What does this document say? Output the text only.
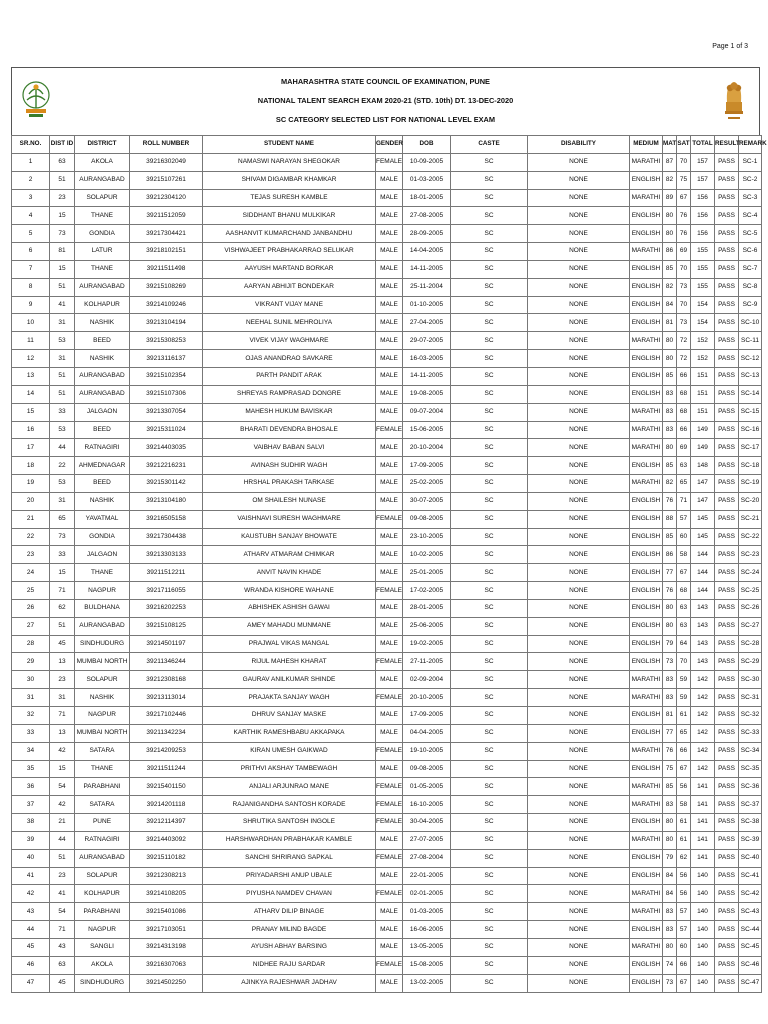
Page 1 of 3
MAHARASHTRA STATE COUNCIL OF EXAMINATION, PUNE
NATIONAL TALENT SEARCH EXAM 2020-21 (STD. 10th) DT. 13-DEC-2020
SC CATEGORY SELECTED LIST FOR NATIONAL LEVEL EXAM
SR.NO.	DIST ID	DISTRICT	ROLL NUMBER	STUDENT NAME	GENDER	DOB	CASTE	DISABILITY	MEDIUM	MAT	SAT	TOTAL	RESULT	REMARK
1	63	AKOLA	39216302049	NAMASWI NARAYAN SHEGOKAR	FEMALE	10-09-2005	SC	NONE	MARATHI	87	70	157	PASS	SC-1
2	51	AURANGABAD	39215107261	SHIVAM DIGAMBAR KHAMKAR	MALE	01-03-2005	SC	NONE	ENGLISH	82	75	157	PASS	SC-2
3	23	SOLAPUR	39212304120	TEJAS SURESH KAMBLE	MALE	18-01-2005	SC	NONE	MARATHI	89	67	156	PASS	SC-3
4	15	THANE	39211512059	SIDDHANT BHANU MULKIKAR	MALE	27-08-2005	SC	NONE	ENGLISH	80	76	156	PASS	SC-4
5	73	GONDIA	39217304421	AASHANVIT KUMARCHAND JANBANDHU	MALE	28-09-2005	SC	NONE	ENGLISH	80	76	156	PASS	SC-5
6	81	LATUR	39218102151	VISHWAJEET PRABHAKARRAO SELUKAR	MALE	14-04-2005	SC	NONE	MARATHI	86	69	155	PASS	SC-6
7	15	THANE	39211511498	AAYUSH MARTAND BORKAR	MALE	14-11-2005	SC	NONE	ENGLISH	85	70	155	PASS	SC-7
8	51	AURANGABAD	39215108269	AARYAN ABHIJIT BONDEKAR	MALE	25-11-2004	SC	NONE	ENGLISH	82	73	155	PASS	SC-8
9	41	KOLHAPUR	39214109246	VIKRANT VIJAY MANE	MALE	01-10-2005	SC	NONE	ENGLISH	84	70	154	PASS	SC-9
10	31	NASHIK	39213104194	NEEHAL SUNIL MEHROLIYA	MALE	27-04-2005	SC	NONE	ENGLISH	81	73	154	PASS	SC-10
11	53	BEED	39215308253	VIVEK VIJAY WAGHMARE	MALE	29-07-2005	SC	NONE	MARATHI	80	72	152	PASS	SC-11
12	31	NASHIK	39213116137	OJAS ANANDRAO SAVKARE	MALE	16-03-2005	SC	NONE	ENGLISH	80	72	152	PASS	SC-12
13	51	AURANGABAD	39215102354	PARTH PANDIT ARAK	MALE	14-11-2005	SC	NONE	ENGLISH	85	66	151	PASS	SC-13
14	51	AURANGABAD	39215107306	SHREYAS RAMPRASAD DONGRE	MALE	19-08-2005	SC	NONE	ENGLISH	83	68	151	PASS	SC-14
15	33	JALGAON	39213307054	MAHESH HUKUM BAVISKAR	MALE	09-07-2004	SC	NONE	MARATHI	83	68	151	PASS	SC-15
16	53	BEED	39215311024	BHARATI DEVENDRA BHOSALE	FEMALE	15-06-2005	SC	NONE	MARATHI	83	66	149	PASS	SC-16
17	44	RATNAGIRI	39214403035	VAIBHAV BABAN SALVI	MALE	20-10-2004	SC	NONE	MARATHI	80	69	149	PASS	SC-17
18	22	AHMEDNAGAR	39212216231	AVINASH SUDHIR WAGH	MALE	17-09-2005	SC	NONE	ENGLISH	85	63	148	PASS	SC-18
19	53	BEED	39215301142	HRSHAL PRAKASH TARKASE	MALE	25-02-2005	SC	NONE	MARATHI	82	65	147	PASS	SC-19
20	31	NASHIK	39213104180	OM SHAILESH NUNASE	MALE	30-07-2005	SC	NONE	ENGLISH	76	71	147	PASS	SC-20
21	65	YAVATMAL	39216505158	VAISHNAVI SURESH WAGHMARE	FEMALE	09-08-2005	SC	NONE	ENGLISH	88	57	145	PASS	SC-21
22	73	GONDIA	39217304438	KAUSTUBH SANJAY BHOWATE	MALE	23-10-2005	SC	NONE	ENGLISH	85	60	145	PASS	SC-22
23	33	JALGAON	39213303133	ATHARV ATMARAM CHIMKAR	MALE	10-02-2005	SC	NONE	ENGLISH	86	58	144	PASS	SC-23
24	15	THANE	39211512211	ANVIT NAVIN KHADE	MALE	25-01-2005	SC	NONE	ENGLISH	77	67	144	PASS	SC-24
25	71	NAGPUR	39217116055	WRANDA KISHORE WAHANE	FEMALE	17-02-2005	SC	NONE	ENGLISH	76	68	144	PASS	SC-25
26	62	BULDHANA	39216202253	ABHISHEK ASHISH GAWAI	MALE	28-01-2005	SC	NONE	ENGLISH	80	63	143	PASS	SC-26
27	51	AURANGABAD	39215108125	AMEY MAHADU MUNMANE	MALE	25-06-2005	SC	NONE	ENGLISH	80	63	143	PASS	SC-27
28	45	SINDHUDURG	39214501197	PRAJWAL VIKAS MANGAL	MALE	19-02-2005	SC	NONE	ENGLISH	79	64	143	PASS	SC-28
29	13	MUMBAI NORTH	39211346244	RIJUL MAHESH KHARAT	FEMALE	27-11-2005	SC	NONE	ENGLISH	73	70	143	PASS	SC-29
30	23	SOLAPUR	39212308168	GAURAV ANILKUMAR SHINDE	MALE	02-09-2004	SC	NONE	MARATHI	83	59	142	PASS	SC-30
31	31	NASHIK	39213113014	PRAJAKTA SANJAY WAGH	FEMALE	20-10-2005	SC	NONE	MARATHI	83	59	142	PASS	SC-31
32	71	NAGPUR	39217102446	DHRUV SANJAY MASKE	MALE	17-09-2005	SC	NONE	ENGLISH	81	61	142	PASS	SC-32
33	13	MUMBAI NORTH	39211342234	KARTHIK RAMESHBABU AKKAPAKA	MALE	04-04-2005	SC	NONE	ENGLISH	77	65	142	PASS	SC-33
34	42	SATARA	39214209253	KIRAN UMESH GAIKWAD	FEMALE	19-10-2005	SC	NONE	MARATHI	76	66	142	PASS	SC-34
35	15	THANE	39211511244	PRITHVI AKSHAY TAMBEWAGH	MALE	09-08-2005	SC	NONE	ENGLISH	75	67	142	PASS	SC-35
36	54	PARABHANI	39215401150	ANJALI ARJUNRAO MANE	FEMALE	01-05-2005	SC	NONE	MARATHI	85	56	141	PASS	SC-36
37	42	SATARA	39214201118	RAJANIGANDHA SANTOSH KORADE	FEMALE	16-10-2005	SC	NONE	MARATHI	83	58	141	PASS	SC-37
38	21	PUNE	39212114397	SHRUTIKA SANTOSH INGOLE	FEMALE	30-04-2005	SC	NONE	ENGLISH	80	61	141	PASS	SC-38
39	44	RATNAGIRI	39214403092	HARSHWARDHAN PRABHAKAR KAMBLE	MALE	27-07-2005	SC	NONE	MARATHI	80	61	141	PASS	SC-39
40	51	AURANGABAD	39215110182	SANCHI SHRIRANG SAPKAL	FEMALE	27-08-2004	SC	NONE	ENGLISH	79	62	141	PASS	SC-40
41	23	SOLAPUR	39212308213	PRIYADARSHI ANUP UBALE	MALE	22-01-2005	SC	NONE	ENGLISH	84	56	140	PASS	SC-41
42	41	KOLHAPUR	39214108205	PIYUSHA NAMDEV CHAVAN	FEMALE	02-01-2005	SC	NONE	MARATHI	84	56	140	PASS	SC-42
43	54	PARABHANI	39215401086	ATHARV DILIP BINAGE	MALE	01-03-2005	SC	NONE	MARATHI	83	57	140	PASS	SC-43
44	71	NAGPUR	39217103051	PRANAY MILIND BAGDE	MALE	16-06-2005	SC	NONE	ENGLISH	83	57	140	PASS	SC-44
45	43	SANGLI	39214313198	AYUSH ABHAY BARSING	MALE	13-05-2005	SC	NONE	MARATHI	80	60	140	PASS	SC-45
46	63	AKOLA	39216307063	NIDHEE RAJU SARDAR	FEMALE	15-08-2005	SC	NONE	ENGLISH	74	66	140	PASS	SC-46
47	45	SINDHUDURG	39214502250	AJINKYA RAJESHWAR JADHAV	MALE	13-02-2005	SC	NONE	ENGLISH	73	67	140	PASS	SC-47
